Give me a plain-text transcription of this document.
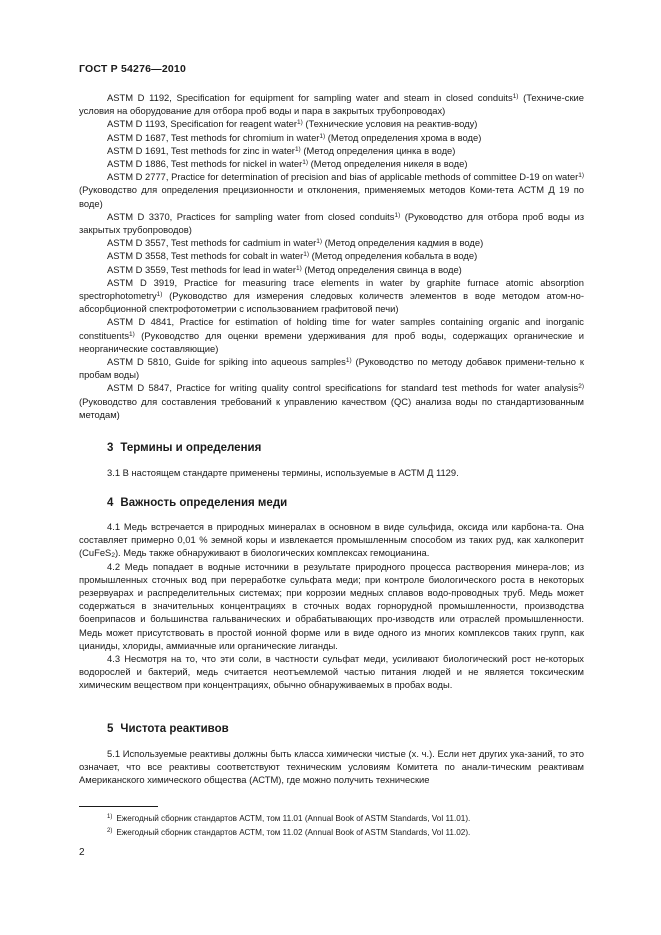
ГОСТ Р 54276—2010

ASTM D 1192, Specification for equipment for sampling water and steam in closed conduits$^{1)}$ (Техниче-ские условия на оборудование для отбора проб воды и пара в закрытых трубопроводах)

ASTM D 1193, Specification for reagent water$^{1)}$ (Технические условия на реактив-воду)

ASTM D 1687, Test methods for chromium in water$^{1)}$ (Метод определения хрома в воде)

ASTM D 1691, Test methods for zinc in water$^{1)}$ (Метод определения цинка в воде)

ASTM D 1886, Test methods for nickel in water$^{1)}$ (Метод определения никеля в воде)

ASTM D 2777, Practice for determination of precision and bias of applicable methods of committee D-19 on water$^{1)}$ (Руководство для определения прецизионности и отклонения, применяемых методов Коми-тета АСТМ Д 19 по воде)

ASTM D 3370, Practices for sampling water from closed conduits$^{1)}$ (Руководство для отбора проб воды из закрытых трубопроводов)

ASTM D 3557, Test methods for cadmium in water$^{1)}$ (Метод определения кадмия в воде)

ASTM D 3558, Test methods for cobalt in water$^{1)}$ (Метод определения кобальта в воде)

ASTM D 3559, Test methods for lead in water$^{1)}$ (Метод определения свинца в воде)

ASTM D 3919, Practice for measuring trace elements in water by graphite furnace atomic absorption spectrophotometry$^{1)}$ (Руководство для измерения следовых количеств элементов в воде методом атом-но-абсорбционной спектрофотометрии с использованием графитовой печи)

ASTM D 4841, Practice for estimation of holding time for water samples containing organic and inorganic constituents$^{1)}$ (Руководство для оценки времени удерживания для проб воды, содержащих органические и неорганические составляющие)

ASTM D 5810, Guide for spiking into aqueous samples$^{1)}$ (Руководство по методу добавок примени-тельно к пробам воды)

ASTM D 5847, Practice for writing quality control specifications for standard test methods for water analysis$^{2)}$ (Руководство для составления требований к управлению качеством (QC) анализа воды по стандартизованным методам)

3 Термины и определения

3.1 В настоящем стандарте применены термины, используемые в АСТМ Д 1129.

4 Важность определения меди

4.1 Медь встречается в природных минералах в основном в виде сульфида, оксида или карбона-та. Она составляет примерно 0,01 % земной коры и извлекается промышленным способом из таких руд, как халкоперит (CuFeS$_2$). Медь также обнаруживают в биологических комплексах гемоцианина.

4.2 Медь попадает в водные источники в результате природного процесса растворения минера-лов; из промышленных сточных вод при переработке сульфата меди; при контроле биологического роста в некоторых резервуарах и распределительных системах; при коррозии медных сплавов водо-проводных труб. Медь может содержаться в значительных концентрациях в сточных водах горнорудной промышленности, производства боеприпасов и большинства гальванических и обрабатывающих про-изводств или отраслей промышленности. Медь может присутствовать в простой ионной форме или в виде одного из многих комплексов таких групп, как цианиды, хлориды, аммиачные или органические лиганды.

4.3 Несмотря на то, что эти соли, в частности сульфат меди, усиливают биологический рост не-которых водорослей и бактерий, медь считается неотъемлемой частью питания людей и не является токсическим химическим веществом при концентрациях, обычно обнаруживаемых в пробах воды.

5 Чистота реактивов

5.1 Используемые реактивы должны быть класса химически чистые (х. ч.). Если нет других ука-заний, то это означает, что все реактивы соответствуют техническим условиям Комитета по анали-тическим реактивам Американского химического общества (АСТМ), где можно получить технические

$^{1)}$ Ежегодный сборник стандартов АСТМ, том 11.01 (Annual Book of ASTM Standards, Vol 11.01).

$^{2)}$ Ежегодный сборник стандартов АСТМ, том 11.02 (Annual Book of ASTM Standards, Vol 11.02).

2
